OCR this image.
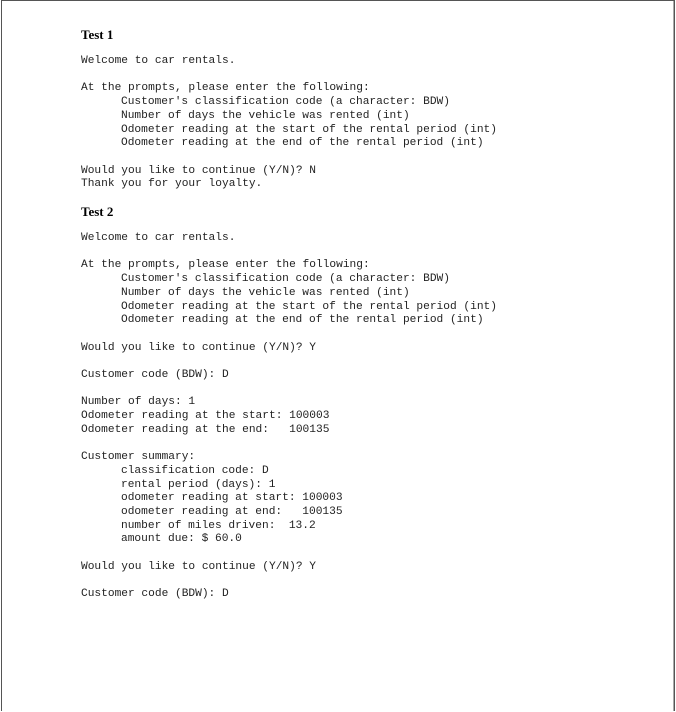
Test 1
Welcome to car rentals.
At the prompts, please enter the following:
Customer's classification code (a character: BDW)
Number of days the vehicle was rented (int)
Odometer reading at the start of the rental period (int)
Odometer reading at the end of the rental period (int)
Would you like to continue (Y/N)? N
Thank you for your loyalty.
Test 2
Welcome to car rentals.
At the prompts, please enter the following:
Customer's classification code (a character: BDW)
Number of days the vehicle was rented (int)
Odometer reading at the start of the rental period (int)
Odometer reading at the end of the rental period (int)
Would you like to continue (Y/N)? Y
Customer code (BDW): D
Number of days: 1
Odometer reading at the start: 100003
Odometer reading at the end:   100135
Customer summary:
classification code: D
rental period (days): 1
odometer reading at start: 100003
odometer reading at end:   100135
number of miles driven:  13.2
amount due: $ 60.0
Would you like to continue (Y/N)? Y
Customer code (BDW): D
